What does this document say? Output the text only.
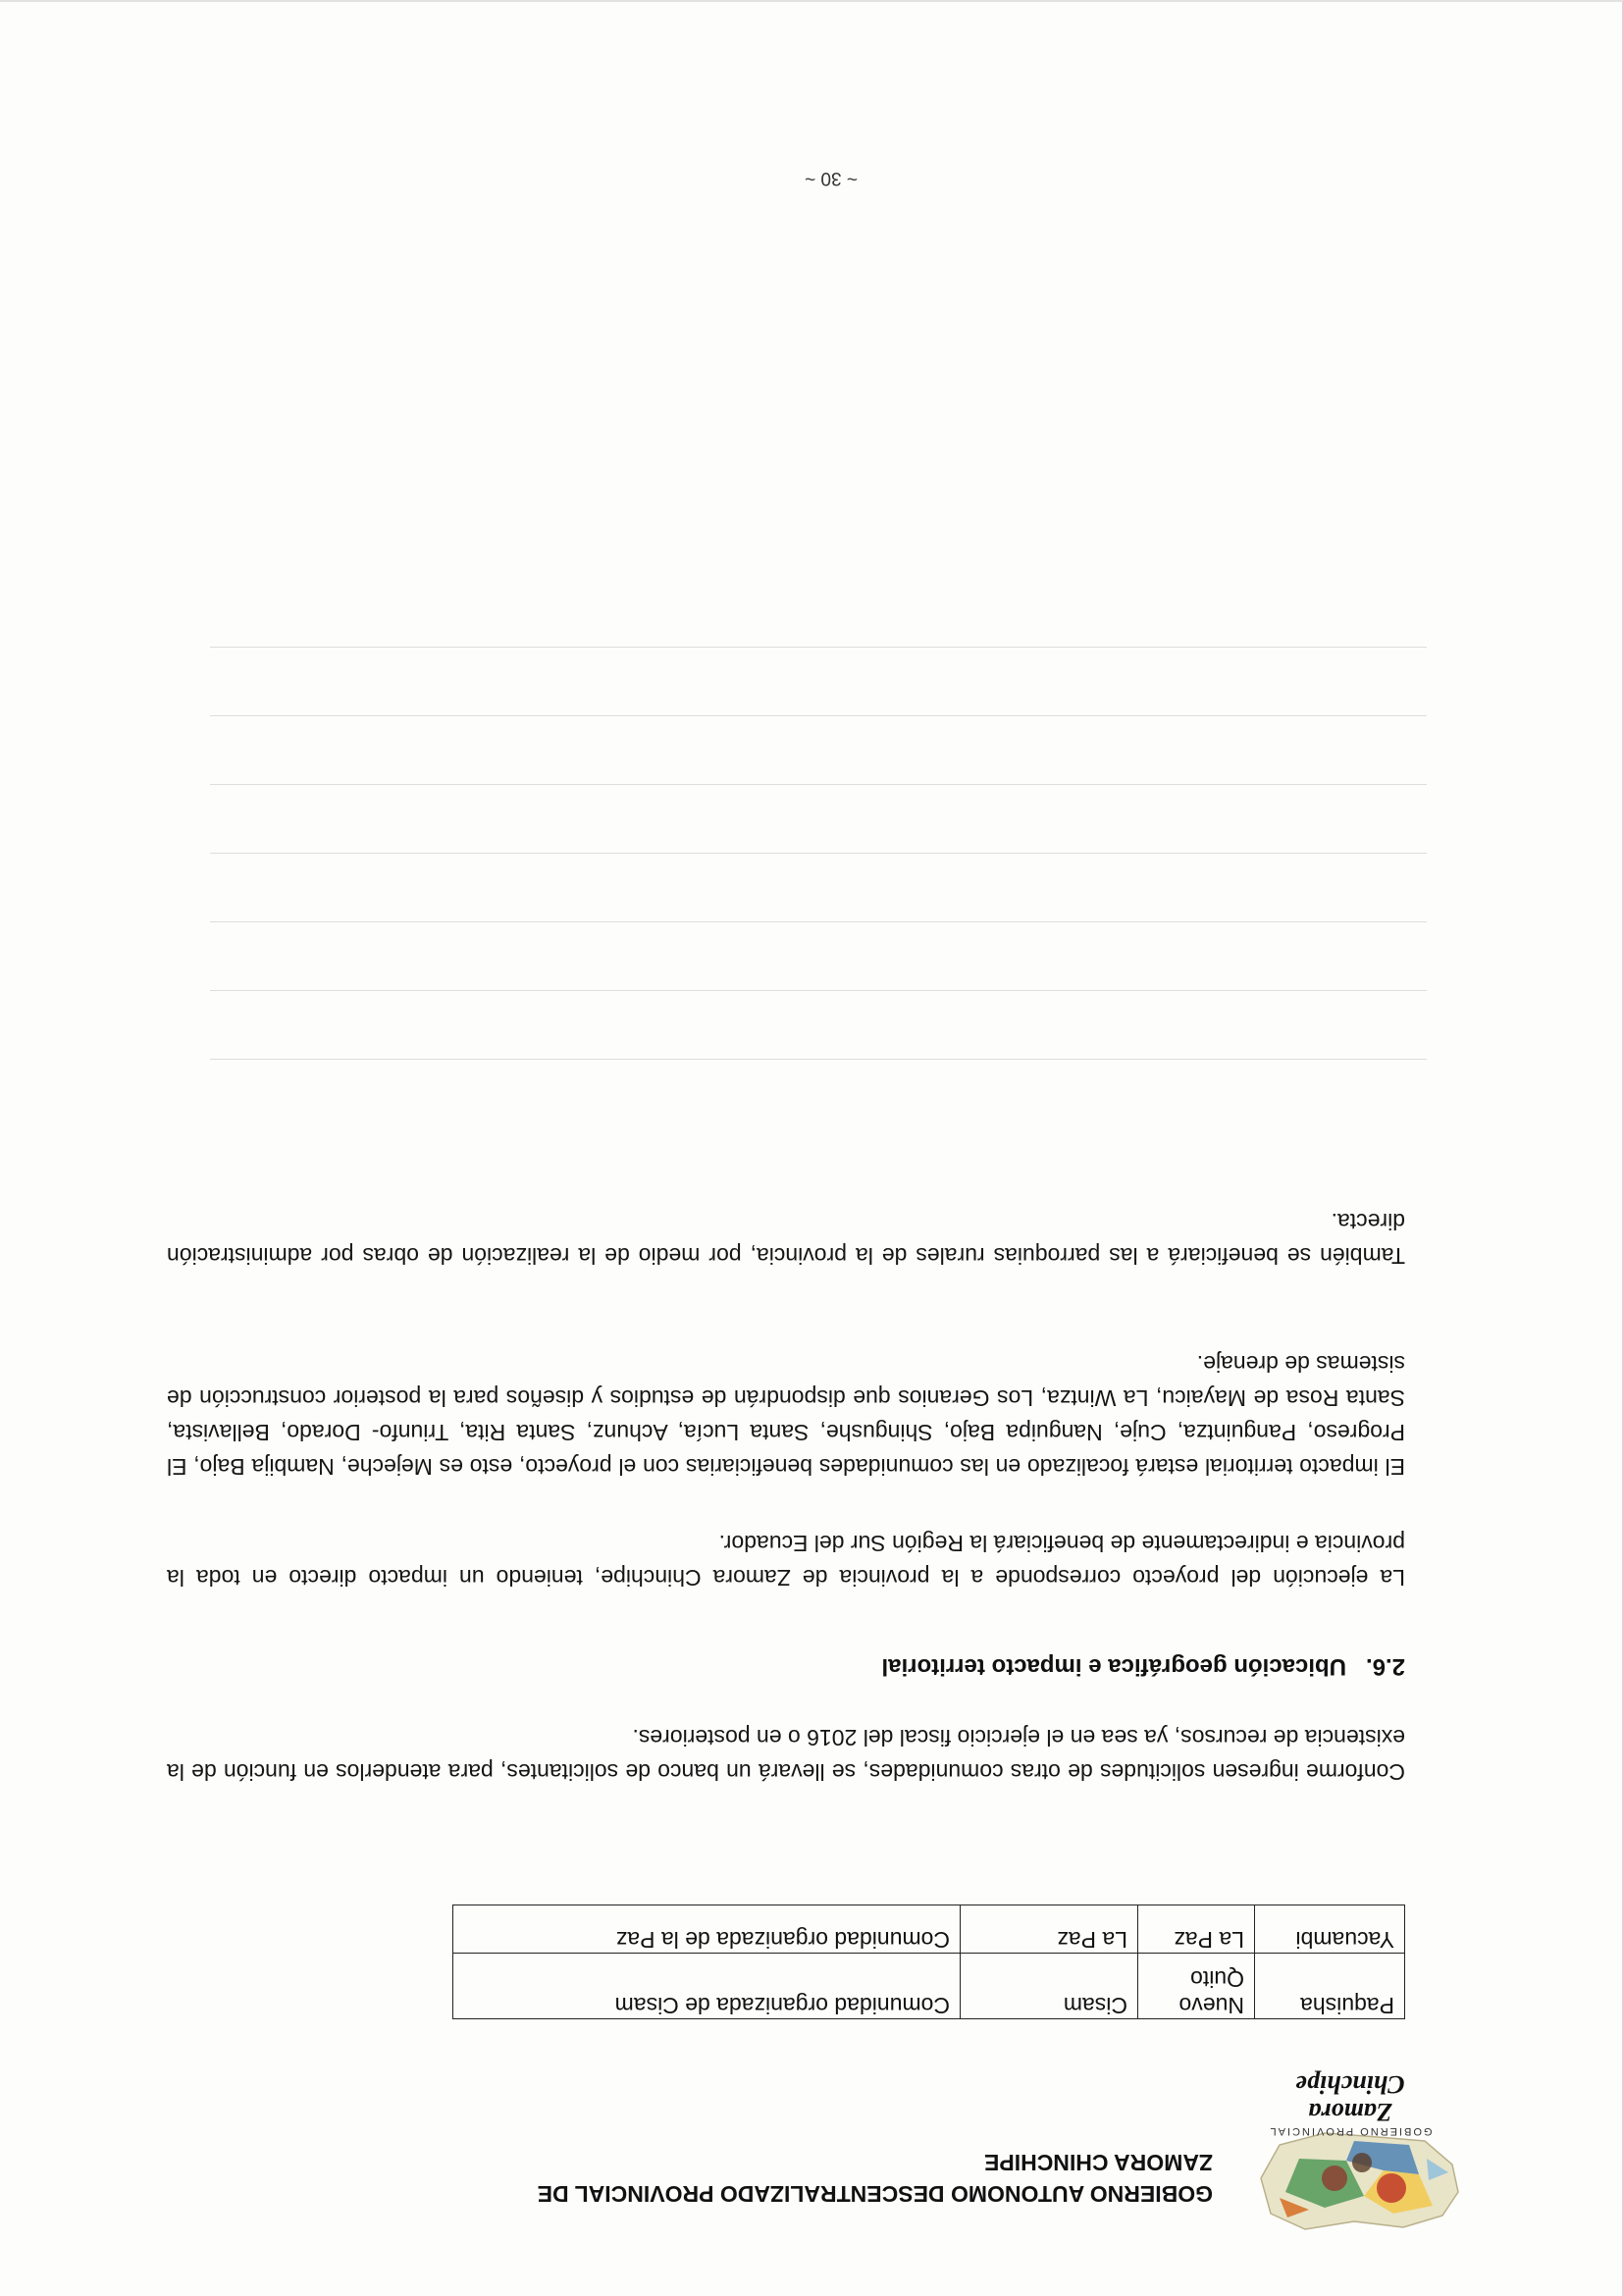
GOBIERNO PROVINCIAL
Zamora Chinchipe
GOBIERNO AUTONOMO DESCENTRALIZADO PROVINCIAL DE
ZAMORA CHINCHIPE
Paquisha	Nuevo Quito	Cisam	Comunidad organizada de Cisam
Yacuambi	La Paz	La Paz	Comunidad organizada de la Paz

Conforme ingresen solicitudes de otras comunidades, se llevará un banco de solicitantes, para atenderlos en función de la existencia de recursos, ya sea en el ejercicio fiscal del 2016 o en posteriores.

2.6.Ubicación geográfica e impacto territorial

La ejecución del proyecto corresponde a la provincia de Zamora Chinchipe, teniendo un impacto directo en toda la provincia e indirectamente de beneficiará la Región Sur del Ecuador.

El impacto territorial estará focalizado en las comunidades beneficiarias con el proyecto, esto es Mejeche, Nambija Bajo, El Progreso, Panguintza, Cuje, Nanguipa Bajo, Shingushe, Santa Lucía, Achunz, Santa Rita, Triunfo- Dorado, Bellavista, Santa Rosa de Mayaicu, La Wintza, Los Geranios que dispondrán de estudios y diseños para la posterior construcción de sistemas de drenaje.

También se beneficiará a las parroquias rurales de la provincia, por medio de la realización de obras por administración directa.

~ 30 ~
